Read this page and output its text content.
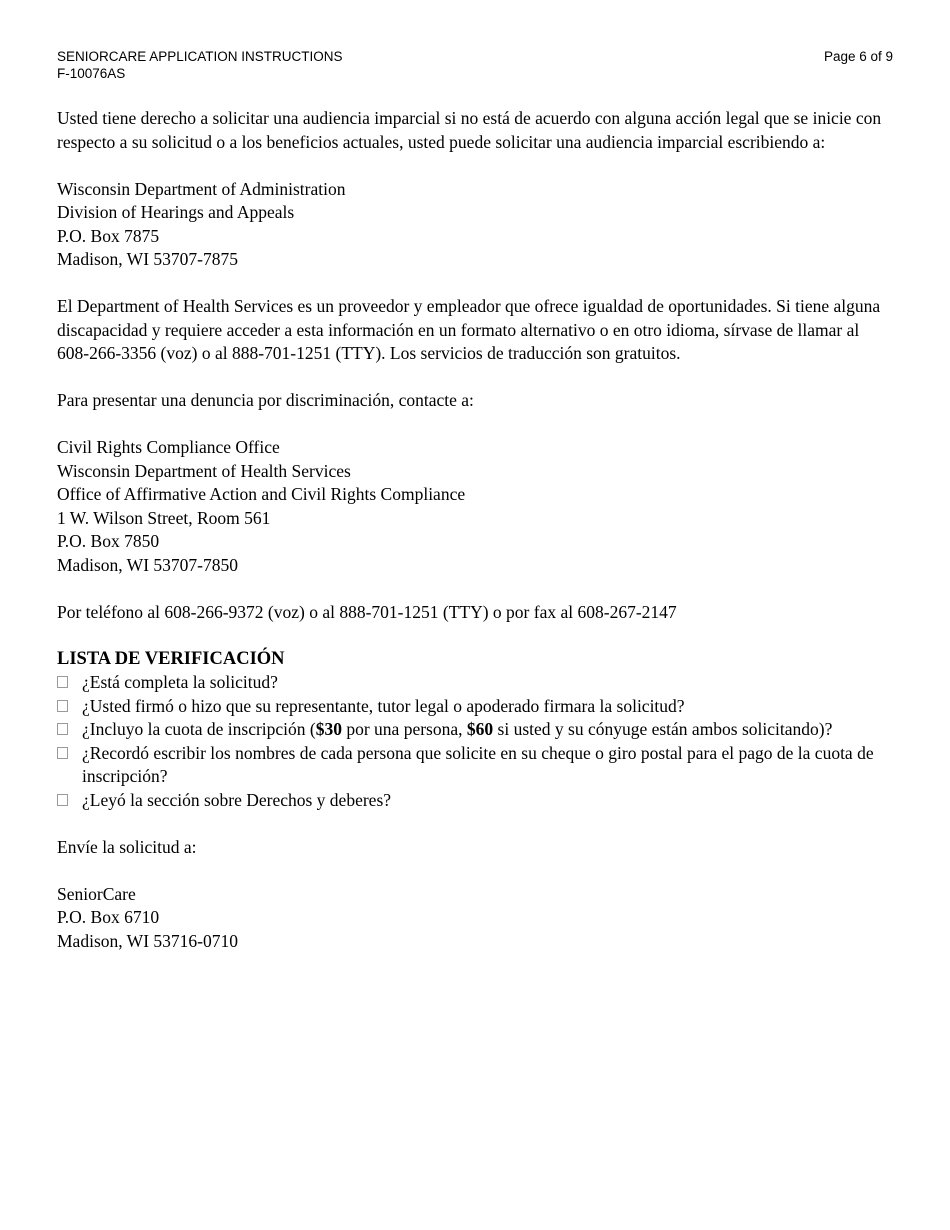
SENIORCARE APPLICATION INSTRUCTIONS
F-10076AS
Page 6 of 9

Usted tiene derecho a solicitar una audiencia imparcial si no está de acuerdo con alguna acción legal que se inicie con respecto a su solicitud o a los beneficios actuales, usted puede solicitar una audiencia imparcial escribiendo a:

Wisconsin Department of Administration
Division of Hearings and Appeals
P.O. Box 7875
Madison, WI 53707-7875

El Department of Health Services es un proveedor y empleador que ofrece igualdad de oportunidades. Si tiene alguna discapacidad y requiere acceder a esta información en un formato alternativo o en otro idioma, sírvase de llamar al 608-266-3356 (voz) o al 888-701-1251 (TTY). Los servicios de traducción son gratuitos.

Para presentar una denuncia por discriminación, contacte a:

Civil Rights Compliance Office
Wisconsin Department of Health Services
Office of Affirmative Action and Civil Rights Compliance
1 W. Wilson Street, Room 561
P.O. Box 7850
Madison, WI 53707-7850

Por teléfono al 608-266-9372 (voz) o al 888-701-1251 (TTY) o por fax al 608-267-2147

LISTA DE VERIFICACIÓN
¿Está completa la solicitud?
¿Usted firmó o hizo que su representante, tutor legal o apoderado firmara la solicitud?
¿Incluyo la cuota de inscripción ($30 por una persona, $60 si usted y su cónyuge están ambos solicitando)?
¿Recordó escribir los nombres de cada persona que solicite en su cheque o giro postal para el pago de la cuota de inscripción?
¿Leyó la sección sobre Derechos y deberes?

Envíe la solicitud a:

SeniorCare
P.O. Box 6710
Madison, WI 53716-0710
